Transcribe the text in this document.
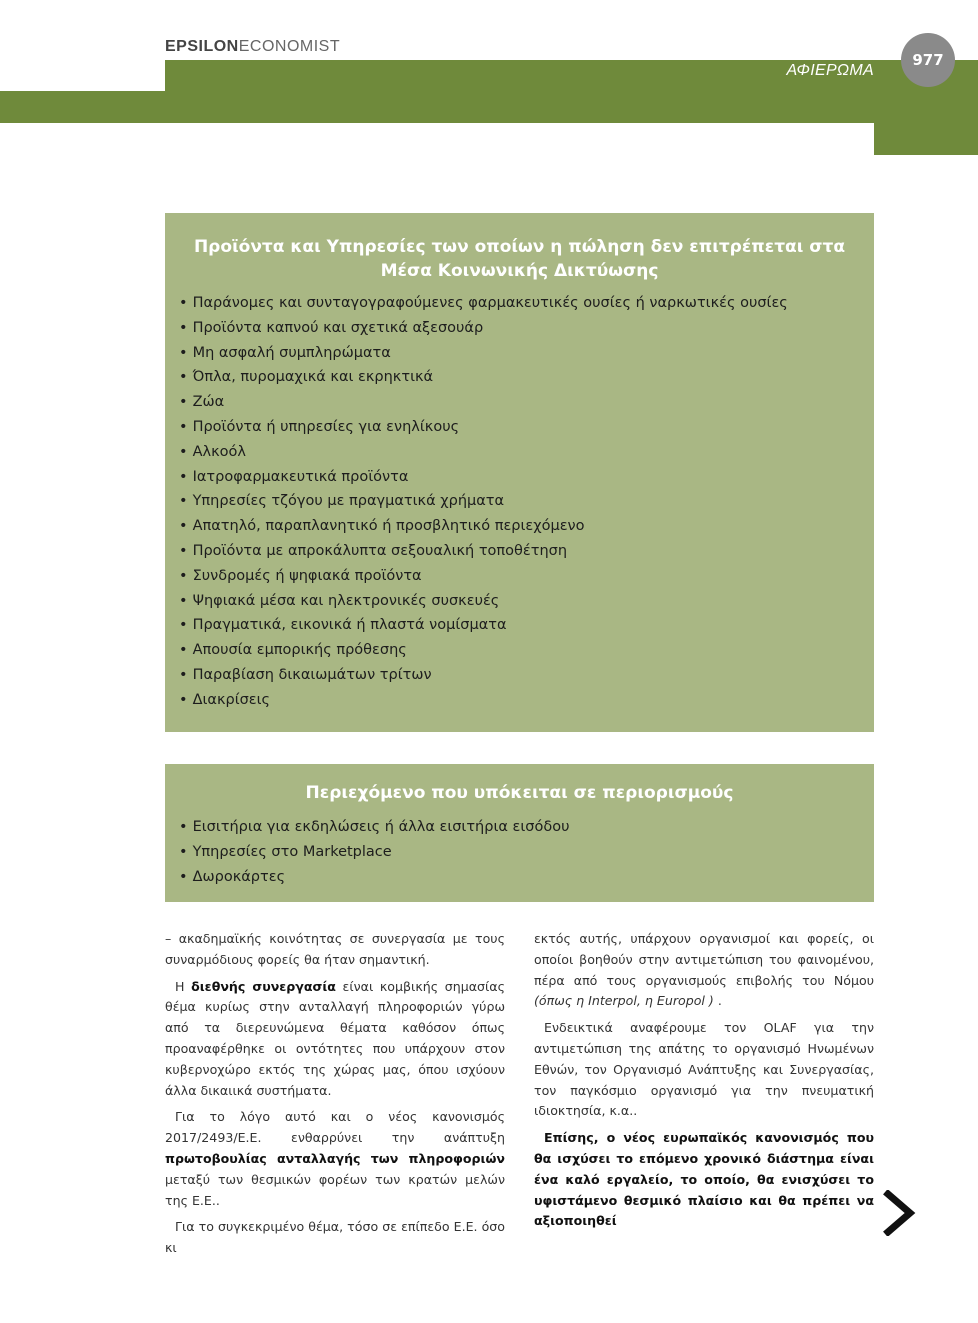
EPSILONECONOMIST
ΑΦΙΕΡΩΜΑ
977
Προϊόντα και Υπηρεσίες των οποίων η πώληση δεν επιτρέπεται στα Μέσα Κοινωνικής Δικτύωσης
• Παράνομες και συνταγογραφούμενες φαρμακευτικές ουσίες ή ναρκωτικές ουσίες
• Προϊόντα καπνού και σχετικά αξεσουάρ
• Μη ασφαλή συμπληρώματα
• Όπλα, πυρομαχικά και εκρηκτικά
• Ζώα
• Προϊόντα ή υπηρεσίες για ενηλίκους
• Αλκοόλ
• Ιατροφαρμακευτικά προϊόντα
• Υπηρεσίες τζόγου με πραγματικά χρήματα
• Απατηλό, παραπλανητικό ή προσβλητικό περιεχόμενο
• Προϊόντα με απροκάλυπτα σεξουαλική τοποθέτηση
• Συνδρομές ή ψηφιακά προϊόντα
• Ψηφιακά μέσα και ηλεκτρονικές συσκευές
• Πραγματικά, εικονικά ή πλαστά νομίσματα
• Απουσία εμπορικής πρόθεσης
• Παραβίαση δικαιωμάτων τρίτων
• Διακρίσεις
Περιεχόμενο που υπόκειται σε περιορισμούς
• Εισιτήρια για εκδηλώσεις ή άλλα εισιτήρια εισόδου
• Υπηρεσίες στο Marketplace
• Δωροκάρτες

– ακαδημαϊκής κοινότητας σε συνεργασία με τους συναρμόδιους φορείς θα ήταν σημαντική.

Η διεθνής συνεργασία είναι κομβικής σημασίας θέμα κυρίως στην ανταλλαγή πληροφοριών γύρω από τα διερευνώμενα θέματα καθόσον όπως προαναφέρθηκε οι οντότητες που υπάρχουν στον κυβερνοχώρο εκτός της χώρας μας, όπου ισχύουν άλλα δικαιικά συστήματα.

Για το λόγο αυτό και ο νέος κανονισμός 2017/2493/Ε.Ε. ενθαρρύνει την ανάπτυξη πρωτοβουλίας ανταλλαγής των πληροφοριών μεταξύ των θεσμικών φορέων των κρατών μελών της Ε.Ε..

Για το συγκεκριμένο θέμα, τόσο σε επίπεδο Ε.Ε. όσο κι

εκτός αυτής, υπάρχουν οργανισμοί και φορείς, οι οποίοι βοηθούν στην αντιμετώπιση του φαινομένου, πέρα από τους οργανισμούς επιβολής του Νόμου (όπως η Interpol, η Europol ) .

Ενδεικτικά αναφέρουμε τον OLAF για την αντιμετώπιση της απάτης το οργανισμό Ηνωμένων Εθνών, τον Οργανισμό Ανάπτυξης και Συνεργασίας, τον παγκόσμιο οργανισμό για την πνευματική ιδιοκτησία, κ.α..

Επίσης, ο νέος ευρωπαϊκός κανονισμός που θα ισχύσει το επόμενο χρονικό διάστημα είναι ένα καλό εργαλείο, το οποίο, θα ενισχύσει το υφιστάμενο θεσμικό πλαίσιο και θα πρέπει να αξιοποιηθεί
